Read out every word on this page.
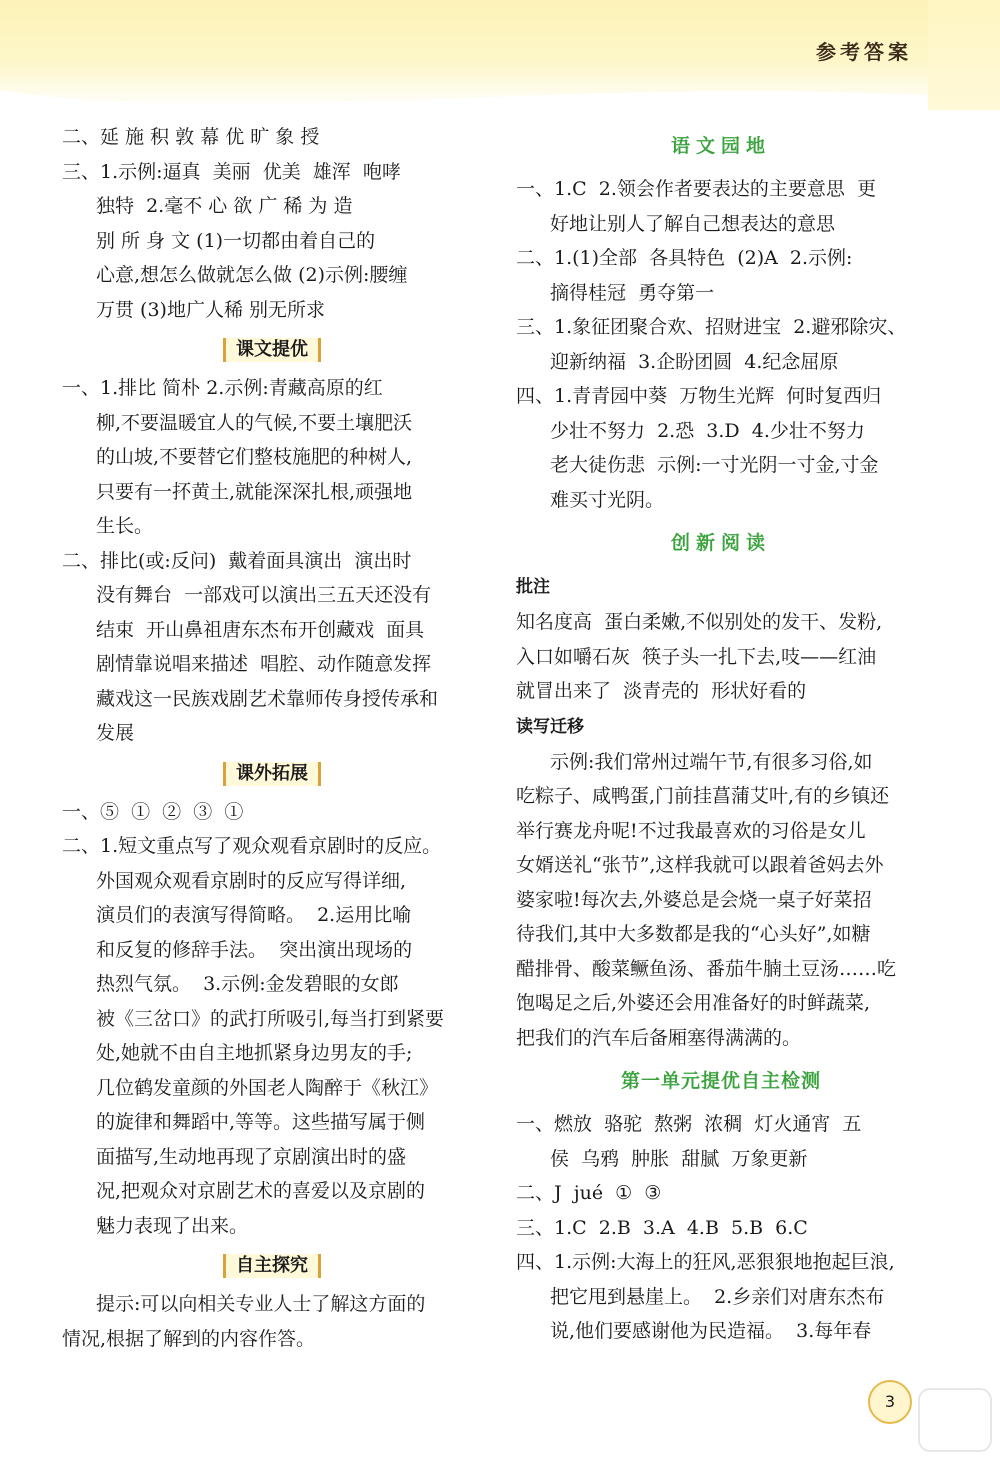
参考答案
二、延 施 积 敦 幕 优 旷 象 授
三、1.示例:逼真  美丽  优美  雄浑  咆哮
独特  2.毫不 心 欲 广 稀 为 造
别 所 身 文 (1)一切都由着自己的
心意,想怎么做就怎么做 (2)示例:腰缠
万贯 (3)地广人稀 别无所求
课文提优
一、1.排比 简朴 2.示例:青藏高原的红
柳,不要温暖宜人的气候,不要土壤肥沃
的山坡,不要替它们整枝施肥的种树人,
只要有一抔黄土,就能深深扎根,顽强地
生长。
二、排比(或:反问)  戴着面具演出  演出时
没有舞台  一部戏可以演出三五天还没有
结束  开山鼻祖唐东杰布开创藏戏  面具
剧情靠说唱来描述  唱腔、动作随意发挥
藏戏这一民族戏剧艺术靠师传身授传承和
发展
课外拓展
一、⑤  ①  ②  ③  ①
二、1.短文重点写了观众观看京剧时的反应。
外国观众观看京剧时的反应写得详细,
演员们的表演写得简略。  2.运用比喻
和反复的修辞手法。  突出演出现场的
热烈气氛。  3.示例:金发碧眼的女郎
被《三岔口》的武打所吸引,每当打到紧要
处,她就不由自主地抓紧身边男友的手;
几位鹤发童颜的外国老人陶醉于《秋江》
的旋律和舞蹈中,等等。这些描写属于侧
面描写,生动地再现了京剧演出时的盛
况,把观众对京剧艺术的喜爱以及京剧的
魅力表现了出来。
自主探究
提示:可以向相关专业人士了解这方面的
情况,根据了解到的内容作答。
语文园地
一、1.C  2.领会作者要表达的主要意思  更
好地让别人了解自己想表达的意思
二、1.(1)全部  各具特色  (2)A  2.示例:
摘得桂冠  勇夺第一
三、1.象征团聚合欢、招财进宝  2.避邪除灾、
迎新纳福  3.企盼团圆  4.纪念屈原
四、1.青青园中葵  万物生光辉  何时复西归
少壮不努力  2.恐  3.D  4.少壮不努力
老大徒伤悲  示例:一寸光阴一寸金,寸金
难买寸光阴。
创新阅读
批注
知名度高  蛋白柔嫩,不似别处的发干、发粉,
入口如嚼石灰  筷子头一扎下去,吱——红油
就冒出来了  淡青壳的  形状好看的
读写迁移
示例:我们常州过端午节,有很多习俗,如
吃粽子、咸鸭蛋,门前挂菖蒲艾叶,有的乡镇还
举行赛龙舟呢!不过我最喜欢的习俗是女儿
女婿送礼“张节”,这样我就可以跟着爸妈去外
婆家啦!每次去,外婆总是会烧一桌子好菜招
待我们,其中大多数都是我的“心头好”,如糖
醋排骨、酸菜鳜鱼汤、番茄牛腩土豆汤……吃
饱喝足之后,外婆还会用准备好的时鲜蔬菜,
把我们的汽车后备厢塞得满满的。
第一单元提优自主检测
一、燃放  骆驼  熬粥  浓稠  灯火通宵  五
侯  乌鸦  肿胀  甜腻  万象更新
二、J  jué  ①  ③
三、1.C  2.B  3.A  4.B  5.B  6.C
四、1.示例:大海上的狂风,恶狠狠地抱起巨浪,
把它甩到悬崖上。  2.乡亲们对唐东杰布
说,他们要感谢他为民造福。  3.每年春
3
